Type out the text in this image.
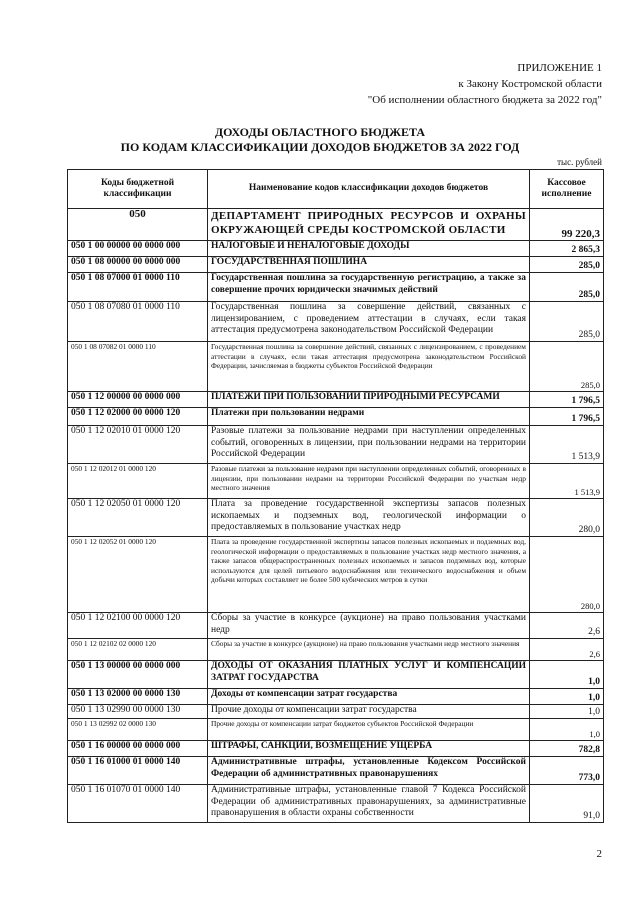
ПРИЛОЖЕНИЕ 1
к Закону Костромской области
"Об исполнении областного бюджета за 2022 год"
ДОХОДЫ ОБЛАСТНОГО БЮДЖЕТА
ПО КОДАМ КЛАССИФИКАЦИИ ДОХОДОВ БЮДЖЕТОВ ЗА 2022 ГОД
тыс. рублей
Коды бюджетной классификации	Наименование кодов классификации доходов бюджетов	Кассовое исполнение
050	ДЕПАРТАМЕНТ ПРИРОДНЫХ РЕСУРСОВ И ОХРАНЫ ОКРУЖАЮЩЕЙ СРЕДЫ КОСТРОМСКОЙ ОБЛАСТИ	99 220,3
050 1 00 00000 00 0000 000	НАЛОГОВЫЕ И НЕНАЛОГОВЫЕ ДОХОДЫ	2 865,3
050 1 08 00000 00 0000 000	ГОСУДАРСТВЕННАЯ ПОШЛИНА	285,0
050 1 08 07000 01 0000 110	Государственная пошлина за государственную регистрацию, а также за совершение прочих юридически значимых действий	285,0
050 1 08 07080 01 0000 110	Государственная пошлина за совершение действий, связанных с лицензированием, с проведением аттестации в случаях, если такая аттестация предусмотрена законодательством Российской Федерации	285,0
050 1 08 07082 01 0000 110	Государственная пошлина за совершение действий, связанных с лицензированием, с проведением аттестации в случаях, если такая аттестация предусмотрена законодательством Российской Федерации, зачисляемая в бюджеты субъектов Российской Федерации	285,0
050 1 12 00000 00 0000 000	ПЛАТЕЖИ ПРИ ПОЛЬЗОВАНИИ ПРИРОДНЫМИ РЕСУРСАМИ	1 796,5
050 1 12 02000 00 0000 120	Платежи при пользовании недрами	1 796,5
050 1 12 02010 01 0000 120	Разовые платежи за пользование недрами при наступлении определенных событий, оговоренных в лицензии, при пользовании недрами на территории Российской Федерации	1 513,9
050 1 12 02012 01 0000 120	Разовые платежи за пользование недрами при наступлении определенных событий, оговоренных в лицензии, при пользовании недрами на территории Российской Федерации по участкам недр местного значения	1 513,9
050 1 12 02050 01 0000 120	Плата за проведение государственной экспертизы запасов полезных ископаемых и подземных вод, геологической информации о предоставляемых в пользование участках недр	280,0
050 1 12 02052 01 0000 120	Плата за проведение государственной экспертизы запасов полезных ископаемых и подземных вод, геологической информации о предоставляемых в пользование участках недр местного значения, а также запасов общераспространенных полезных ископаемых и запасов подземных вод, которые используются для целей питьевого водоснабжения или технического водоснабжения и объем добычи которых составляет не более 500 кубических метров в сутки	280,0
050 1 12 02100 00 0000 120	Сборы за участие в конкурсе (аукционе) на право пользования участками недр	2,6
050 1 12 02102 02 0000 120	Сборы за участие в конкурсе (аукционе) на право пользования участками недр местного значения	2,6
050 1 13 00000 00 0000 000	ДОХОДЫ ОТ ОКАЗАНИЯ ПЛАТНЫХ УСЛУГ И КОМПЕНСАЦИИ ЗАТРАТ ГОСУДАРСТВА	1,0
050 1 13 02000 00 0000 130	Доходы от компенсации затрат государства	1,0
050 1 13 02990 00 0000 130	Прочие доходы от компенсации затрат государства	1,0
050 1 13 02992 02 0000 130	Прочие доходы от компенсации затрат бюджетов субъектов Российской Федерации	1,0
050 1 16 00000 00 0000 000	ШТРАФЫ, САНКЦИИ, ВОЗМЕЩЕНИЕ УЩЕРБА	782,8
050 1 16 01000 01 0000 140	Административные штрафы, установленные Кодексом Российской Федерации об административных правонарушениях	773,0
050 1 16 01070 01 0000 140	Административные штрафы, установленные главой 7 Кодекса Российской Федерации об административных правонарушениях, за административные правонарушения в области охраны собственности	91,0
2
